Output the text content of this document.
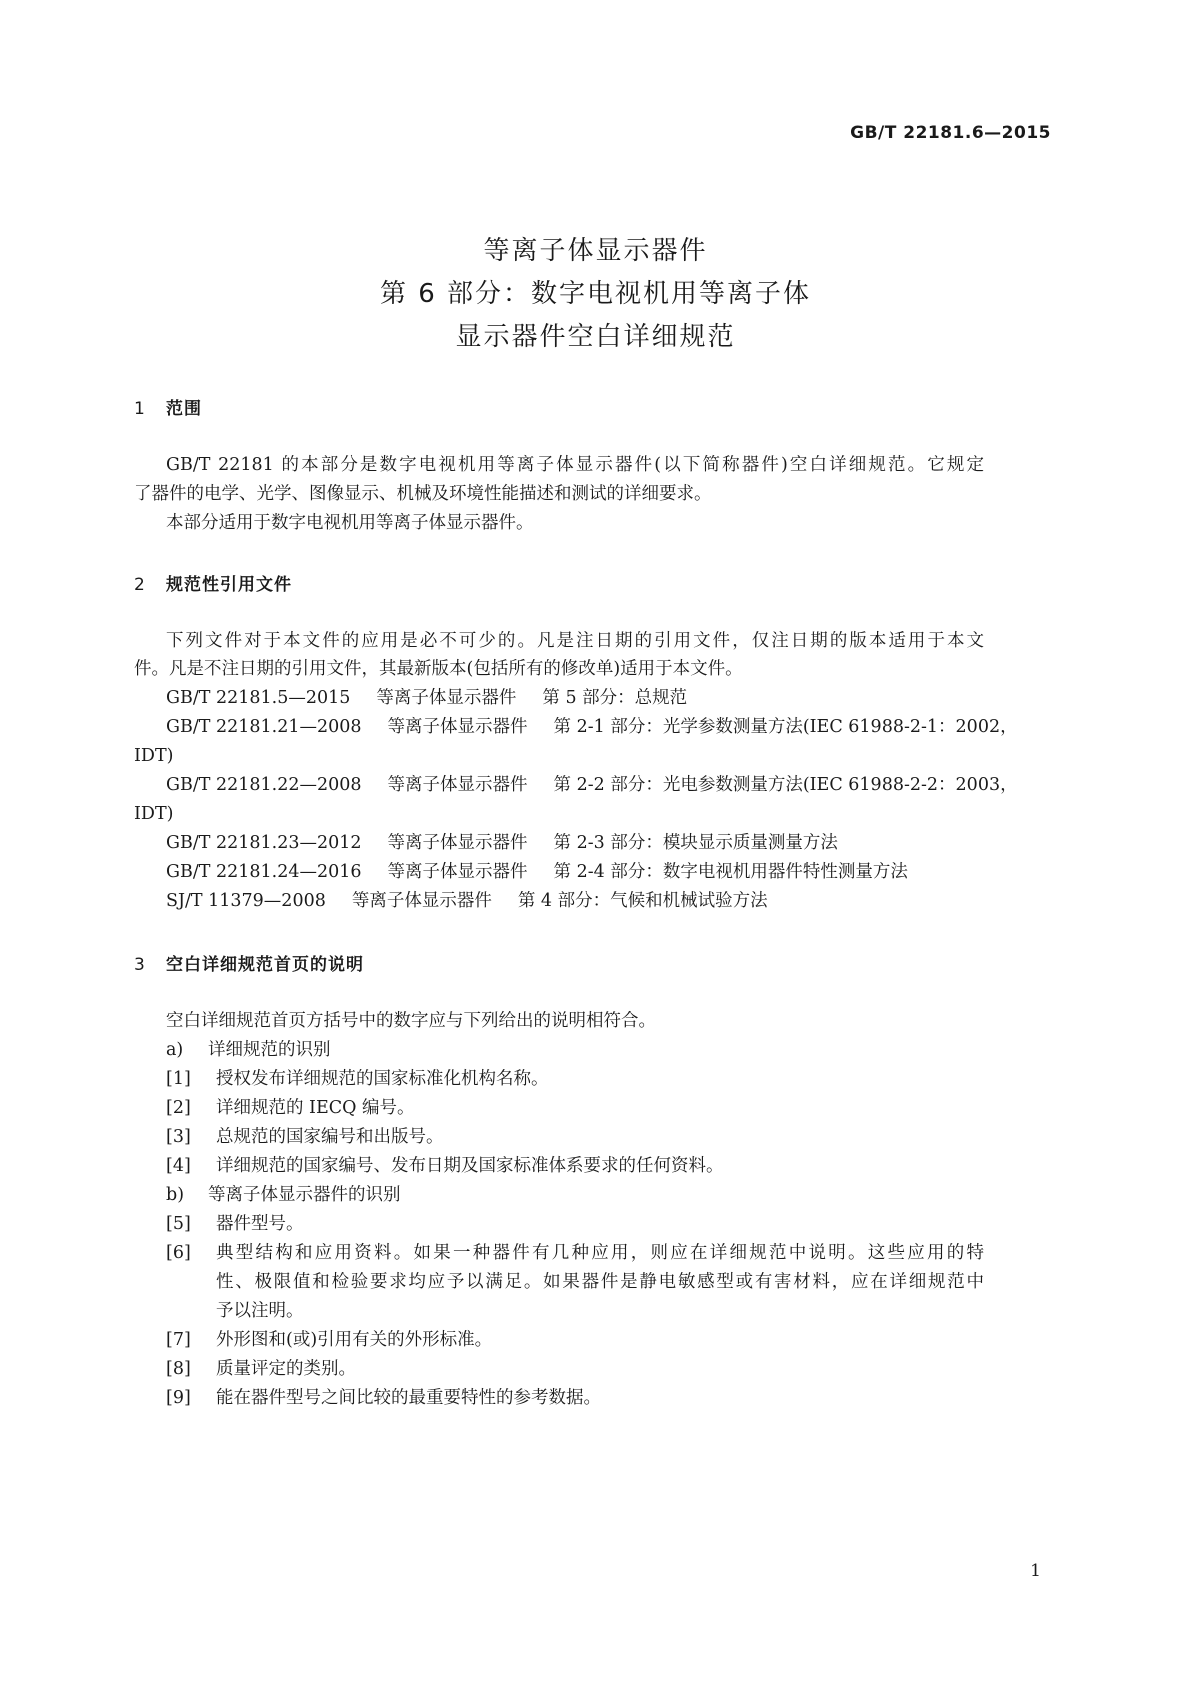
GB/T 22181.6—2015
等离子体显示器件
第 6 部分：数字电视机用等离子体
显示器件空白详细规范
1 范围
GB/T 22181 的本部分是数字电视机用等离子体显示器件(以下简称器件)空白详细规范。它规定
了器件的电学、光学、图像显示、机械及环境性能描述和测试的详细要求。
本部分适用于数字电视机用等离子体显示器件。
2 规范性引用文件
下列文件对于本文件的应用是必不可少的。凡是注日期的引用文件，仅注日期的版本适用于本文
件。凡是不注日期的引用文件，其最新版本(包括所有的修改单)适用于本文件。
GB/T 22181.5—2015 等离子体显示器件 第 5 部分：总规范
GB/T 22181.21—2008 等离子体显示器件 第 2-1 部分：光学参数测量方法(IEC 61988-2-1：2002，
IDT)
GB/T 22181.22—2008 等离子体显示器件 第 2-2 部分：光电参数测量方法(IEC 61988-2-2：2003，
IDT)
GB/T 22181.23—2012 等离子体显示器件 第 2-3 部分：模块显示质量测量方法
GB/T 22181.24—2016 等离子体显示器件 第 2-4 部分：数字电视机用器件特性测量方法
SJ/T 11379—2008 等离子体显示器件 第 4 部分：气候和机械试验方法
3 空白详细规范首页的说明
空白详细规范首页方括号中的数字应与下列给出的说明相符合。
a) 详细规范的识别
[1] 授权发布详细规范的国家标准化机构名称。
[2] 详细规范的 IECQ 编号。
[3] 总规范的国家编号和出版号。
[4] 详细规范的国家编号、发布日期及国家标准体系要求的任何资料。
b) 等离子体显示器件的识别
[5] 器件型号。
[6] 典型结构和应用资料。如果一种器件有几种应用，则应在详细规范中说明。这些应用的特
性、极限值和检验要求均应予以满足。如果器件是静电敏感型或有害材料，应在详细规范中
予以注明。
[7] 外形图和(或)引用有关的外形标准。
[8] 质量评定的类别。
[9] 能在器件型号之间比较的最重要特性的参考数据。
1
